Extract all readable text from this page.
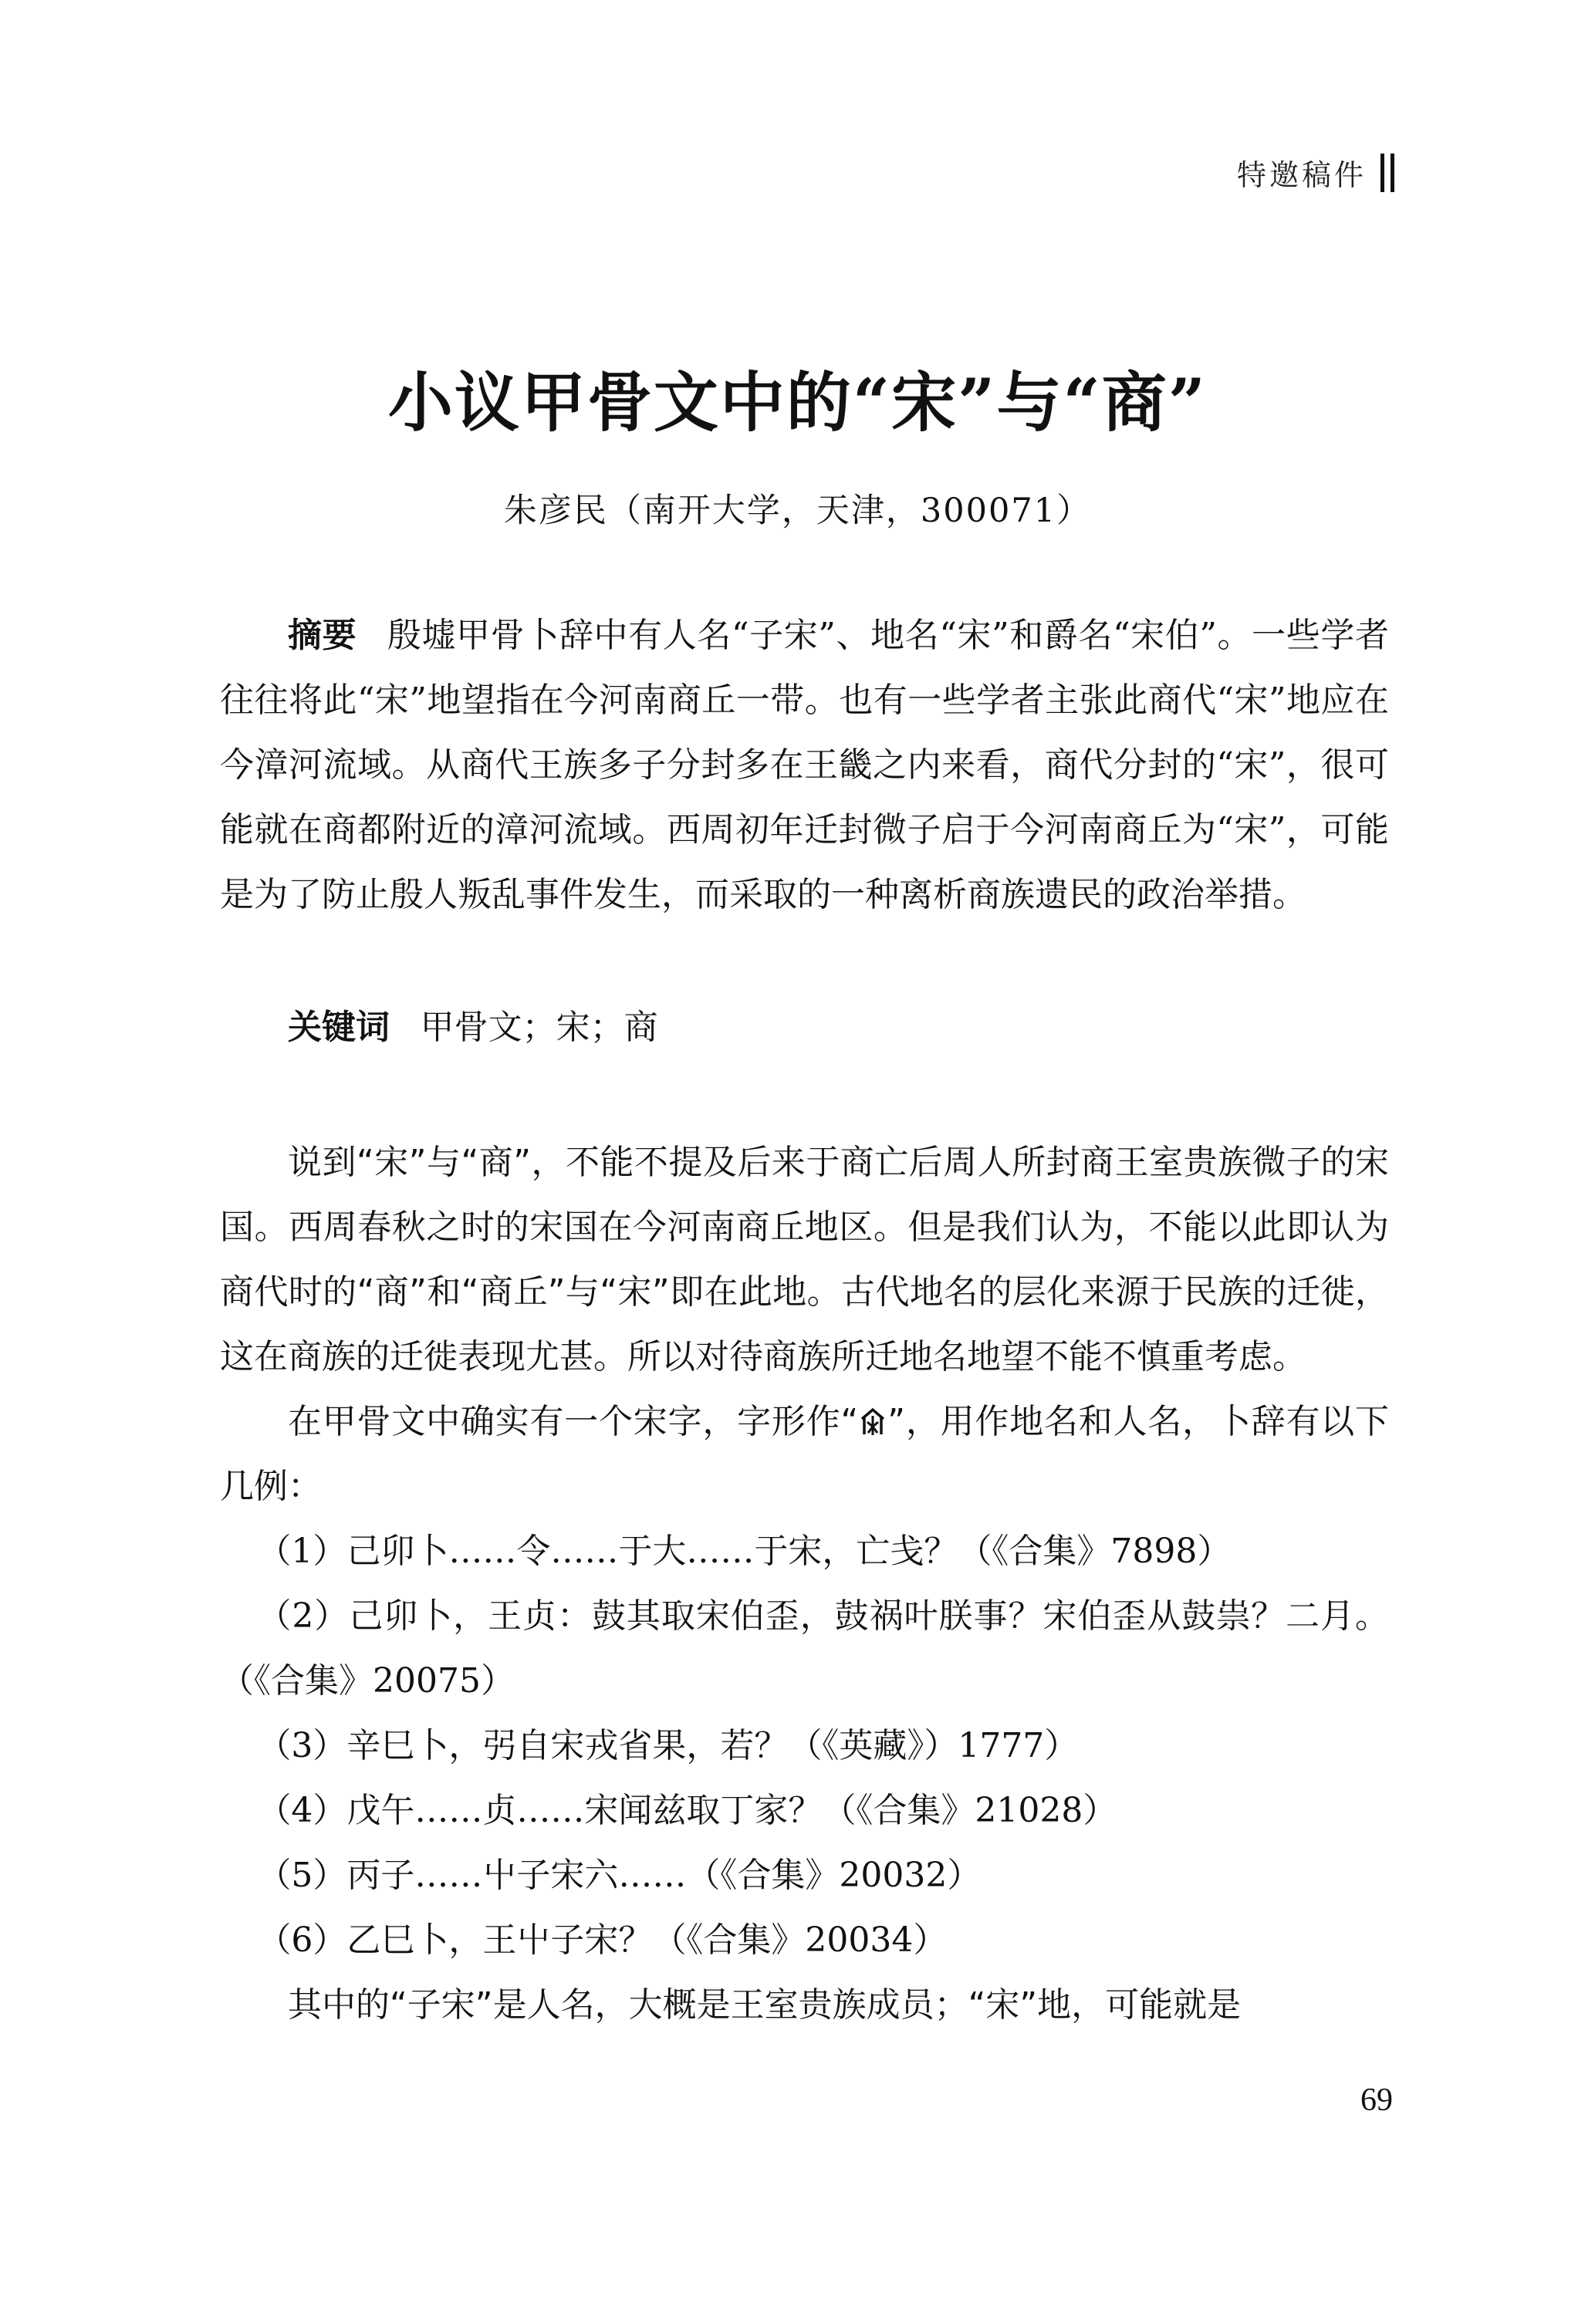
特邀稿件
小议甲骨文中的“宋”与“商”
朱彦民（南开大学，天津，300071）

摘要 殷墟甲骨卜辞中有人名“子宋”、地名“宋”和爵名“宋伯”。一些学者往往将此“宋”地望指在今河南商丘一带。也有一些学者主张此商代“宋”地应在今漳河流域。从商代王族多子分封多在王畿之内来看，商代分封的“宋”，很可能就在商都附近的漳河流域。西周初年迁封微子启于今河南商丘为“宋”，可能是为了防止殷人叛乱事件发生，而采取的一种离析商族遗民的政治举措。

关键词 甲骨文；宋；商

说到“宋”与“商”，不能不提及后来于商亡后周人所封商王室贵族微子的宋国。西周春秋之时的宋国在今河南商丘地区。但是我们认为，不能以此即认为商代时的“商”和“商丘”与“宋”即在此地。古代地名的层化来源于民族的迁徙，这在商族的迁徙表现尤甚。所以对待商族所迁地名地望不能不慎重考虑。

在甲骨文中确实有一个宋字，字形作“ ”，用作地名和人名，卜辞有以下几例：

（1）己卯卜……令……于大……于宋，亡戋？（《合集》7898）

（2）己卯卜，王贞：鼓其取宋伯歪，鼓祸叶朕事？宋伯歪从鼓祟？二月。（《合集》20075）

（3）辛巳卜，弜自宋戎省果，若？（《英藏》）1777）

（4）戊午……贞……宋闻兹取丁家？（《合集》21028）

（5）丙子……屮子宋六……（《合集》20032）

（6）乙巳卜，王屮子宋？（《合集》20034）

其中的“子宋”是人名，大概是王室贵族成员；“宋”地，可能就是

69
